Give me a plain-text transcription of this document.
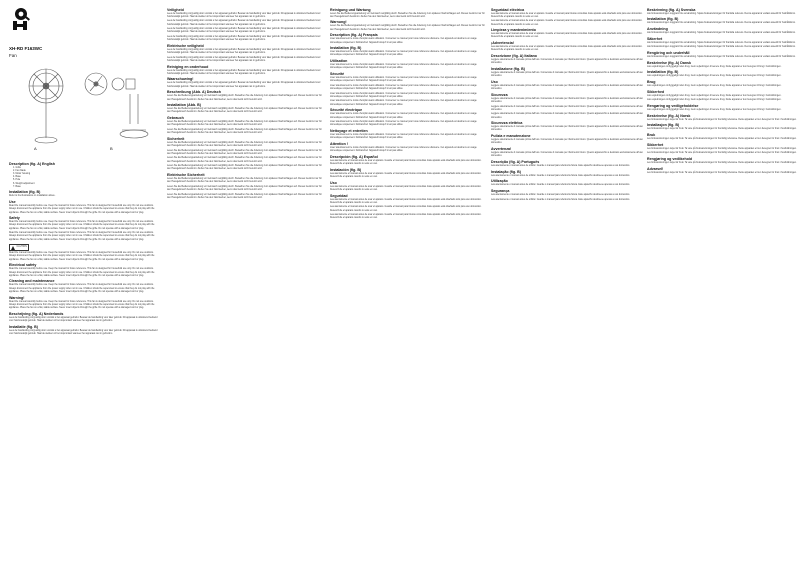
XH-RD F163WC
Fan
A	B
Description (fig. A) English
• 1. Grille
• 2. Fan blade
• 3. Motor housing
• 4. Base
• 5. Pole
• 6. Weight adjustment
• 7. Base
Installation (fig. B)

Refer to the illustrations on installation above.

Use

Read the manual carefully before use. Keep the manual for future reference. This fan is designed for household use only. Do not use outdoors. Always disconnect the appliance from the power supply when not in use. Children should be supervised to ensure that they do not play with the appliance. Place the fan on a flat, stable surface. Never insert objects through the grille. Do not operate with a damaged cord or plug.

Safety

Read the manual carefully before use. Keep the manual for future reference. This fan is designed for household use only. Do not use outdoors. Always disconnect the appliance from the power supply when not in use. Children should be supervised to ensure that they do not play with the appliance. Place the fan on a flat, stable surface. Never insert objects through the grille. Do not operate with a damaged cord or plug.

Read the manual carefully before use. Keep the manual for future reference. This fan is designed for household use only. Do not use outdoors. Always disconnect the appliance from the power supply when not in use. Children should be supervised to ensure that they do not play with the appliance. Place the fan on a flat, stable surface. Never insert objects through the grille. Do not operate with a damaged cord or plug.

CAUTION

Read the manual carefully before use. Keep the manual for future reference. This fan is designed for household use only. Do not use outdoors. Always disconnect the appliance from the power supply when not in use. Children should be supervised to ensure that they do not play with the appliance. Place the fan on a flat, stable surface. Never insert objects through the grille. Do not operate with a damaged cord or plug.

Electrical safety

Read the manual carefully before use. Keep the manual for future reference. This fan is designed for household use only. Do not use outdoors. Always disconnect the appliance from the power supply when not in use. Children should be supervised to ensure that they do not play with the appliance. Place the fan on a flat, stable surface. Never insert objects through the grille. Do not operate with a damaged cord or plug.

Cleaning and maintenance

Read the manual carefully before use. Keep the manual for future reference. This fan is designed for household use only. Do not use outdoors. Always disconnect the appliance from the power supply when not in use. Children should be supervised to ensure that they do not play with the appliance. Place the fan on a flat, stable surface. Never insert objects through the grille. Do not operate with a damaged cord or plug.

Warning!

Read the manual carefully before use. Keep the manual for future reference. This fan is designed for household use only. Do not use outdoors. Always disconnect the appliance from the power supply when not in use. Children should be supervised to ensure that they do not play with the appliance. Place the fan on a flat, stable surface. Never insert objects through the grille. Do not operate with a damaged cord or plug.

Beschrijving (fig. A) Nederlands

Lees de handleiding zorgvuldig door voordat u het apparaat gebruikt. Bewaar de handleiding voor later gebruik. Dit apparaat is uitsluitend bedoeld voor huishoudelijk gebruik. Haal de stekker uit het stopcontact wanneer het apparaat niet in gebruik is.

Installatie (fig. B)

Lees de handleiding zorgvuldig door voordat u het apparaat gebruikt. Bewaar de handleiding voor later gebruik. Dit apparaat is uitsluitend bedoeld voor huishoudelijk gebruik. Haal de stekker uit het stopcontact wanneer het apparaat niet in gebruik is.

Veiligheid

Lees de handleiding zorgvuldig door voordat u het apparaat gebruikt. Bewaar de handleiding voor later gebruik. Dit apparaat is uitsluitend bedoeld voor huishoudelijk gebruik. Haal de stekker uit het stopcontact wanneer het apparaat niet in gebruik is.

Lees de handleiding zorgvuldig door voordat u het apparaat gebruikt. Bewaar de handleiding voor later gebruik. Dit apparaat is uitsluitend bedoeld voor huishoudelijk gebruik. Haal de stekker uit het stopcontact wanneer het apparaat niet in gebruik is.

Lees de handleiding zorgvuldig door voordat u het apparaat gebruikt. Bewaar de handleiding voor later gebruik. Dit apparaat is uitsluitend bedoeld voor huishoudelijk gebruik. Haal de stekker uit het stopcontact wanneer het apparaat niet in gebruik is.

Lees de handleiding zorgvuldig door voordat u het apparaat gebruikt. Bewaar de handleiding voor later gebruik. Dit apparaat is uitsluitend bedoeld voor huishoudelijk gebruik. Haal de stekker uit het stopcontact wanneer het apparaat niet in gebruik is.

Elektrische veiligheid

Lees de handleiding zorgvuldig door voordat u het apparaat gebruikt. Bewaar de handleiding voor later gebruik. Dit apparaat is uitsluitend bedoeld voor huishoudelijk gebruik. Haal de stekker uit het stopcontact wanneer het apparaat niet in gebruik is.

Lees de handleiding zorgvuldig door voordat u het apparaat gebruikt. Bewaar de handleiding voor later gebruik. Dit apparaat is uitsluitend bedoeld voor huishoudelijk gebruik. Haal de stekker uit het stopcontact wanneer het apparaat niet in gebruik is.

Reiniging en onderhoud

Lees de handleiding zorgvuldig door voordat u het apparaat gebruikt. Bewaar de handleiding voor later gebruik. Dit apparaat is uitsluitend bedoeld voor huishoudelijk gebruik. Haal de stekker uit het stopcontact wanneer het apparaat niet in gebruik is.

Waarschuwing!

Lees de handleiding zorgvuldig door voordat u het apparaat gebruikt. Bewaar de handleiding voor later gebruik. Dit apparaat is uitsluitend bedoeld voor huishoudelijk gebruik. Haal de stekker uit het stopcontact wanneer het apparaat niet in gebruik is.

Beschreibung (Abb. A) Deutsch

Lesen Sie die Bedienungsanleitung vor Gebrauch sorgfältig durch. Bewahren Sie die Anleitung zum späteren Nachschlagen auf. Dieses Gerät ist nur für den Hausgebrauch bestimmt. Ziehen Sie den Netzstecker, wenn das Gerät nicht benutzt wird.

Installation (Abb. B)

Lesen Sie die Bedienungsanleitung vor Gebrauch sorgfältig durch. Bewahren Sie die Anleitung zum späteren Nachschlagen auf. Dieses Gerät ist nur für den Hausgebrauch bestimmt. Ziehen Sie den Netzstecker, wenn das Gerät nicht benutzt wird.

Gebrauch

Lesen Sie die Bedienungsanleitung vor Gebrauch sorgfältig durch. Bewahren Sie die Anleitung zum späteren Nachschlagen auf. Dieses Gerät ist nur für den Hausgebrauch bestimmt. Ziehen Sie den Netzstecker, wenn das Gerät nicht benutzt wird.

Lesen Sie die Bedienungsanleitung vor Gebrauch sorgfältig durch. Bewahren Sie die Anleitung zum späteren Nachschlagen auf. Dieses Gerät ist nur für den Hausgebrauch bestimmt. Ziehen Sie den Netzstecker, wenn das Gerät nicht benutzt wird.

Sicherheit

Lesen Sie die Bedienungsanleitung vor Gebrauch sorgfältig durch. Bewahren Sie die Anleitung zum späteren Nachschlagen auf. Dieses Gerät ist nur für den Hausgebrauch bestimmt. Ziehen Sie den Netzstecker, wenn das Gerät nicht benutzt wird.

Lesen Sie die Bedienungsanleitung vor Gebrauch sorgfältig durch. Bewahren Sie die Anleitung zum späteren Nachschlagen auf. Dieses Gerät ist nur für den Hausgebrauch bestimmt. Ziehen Sie den Netzstecker, wenn das Gerät nicht benutzt wird.

Lesen Sie die Bedienungsanleitung vor Gebrauch sorgfältig durch. Bewahren Sie die Anleitung zum späteren Nachschlagen auf. Dieses Gerät ist nur für den Hausgebrauch bestimmt. Ziehen Sie den Netzstecker, wenn das Gerät nicht benutzt wird.

Lesen Sie die Bedienungsanleitung vor Gebrauch sorgfältig durch. Bewahren Sie die Anleitung zum späteren Nachschlagen auf. Dieses Gerät ist nur für den Hausgebrauch bestimmt. Ziehen Sie den Netzstecker, wenn das Gerät nicht benutzt wird.

Elektrische Sicherheit

Lesen Sie die Bedienungsanleitung vor Gebrauch sorgfältig durch. Bewahren Sie die Anleitung zum späteren Nachschlagen auf. Dieses Gerät ist nur für den Hausgebrauch bestimmt. Ziehen Sie den Netzstecker, wenn das Gerät nicht benutzt wird.

Lesen Sie die Bedienungsanleitung vor Gebrauch sorgfältig durch. Bewahren Sie die Anleitung zum späteren Nachschlagen auf. Dieses Gerät ist nur für den Hausgebrauch bestimmt. Ziehen Sie den Netzstecker, wenn das Gerät nicht benutzt wird.

Lesen Sie die Bedienungsanleitung vor Gebrauch sorgfältig durch. Bewahren Sie die Anleitung zum späteren Nachschlagen auf. Dieses Gerät ist nur für den Hausgebrauch bestimmt. Ziehen Sie den Netzstecker, wenn das Gerät nicht benutzt wird.

Reinigung und Wartung

Lesen Sie die Bedienungsanleitung vor Gebrauch sorgfältig durch. Bewahren Sie die Anleitung zum späteren Nachschlagen auf. Dieses Gerät ist nur für den Hausgebrauch bestimmt. Ziehen Sie den Netzstecker, wenn das Gerät nicht benutzt wird.

Warnung!

Lesen Sie die Bedienungsanleitung vor Gebrauch sorgfältig durch. Bewahren Sie die Anleitung zum späteren Nachschlagen auf. Dieses Gerät ist nur für den Hausgebrauch bestimmt. Ziehen Sie den Netzstecker, wenn das Gerät nicht benutzt wird.

Description (fig. A) Français

Lisez attentivement le mode d'emploi avant utilisation. Conservez ce manuel pour toute référence ultérieure. Cet appareil est destiné à un usage domestique uniquement. Débranchez l'appareil lorsqu'il n'est pas utilisé.

Installation (fig. B)

Lisez attentivement le mode d'emploi avant utilisation. Conservez ce manuel pour toute référence ultérieure. Cet appareil est destiné à un usage domestique uniquement. Débranchez l'appareil lorsqu'il n'est pas utilisé.

Utilisation

Lisez attentivement le mode d'emploi avant utilisation. Conservez ce manuel pour toute référence ultérieure. Cet appareil est destiné à un usage domestique uniquement. Débranchez l'appareil lorsqu'il n'est pas utilisé.

Sécurité

Lisez attentivement le mode d'emploi avant utilisation. Conservez ce manuel pour toute référence ultérieure. Cet appareil est destiné à un usage domestique uniquement. Débranchez l'appareil lorsqu'il n'est pas utilisé.

Lisez attentivement le mode d'emploi avant utilisation. Conservez ce manuel pour toute référence ultérieure. Cet appareil est destiné à un usage domestique uniquement. Débranchez l'appareil lorsqu'il n'est pas utilisé.

Lisez attentivement le mode d'emploi avant utilisation. Conservez ce manuel pour toute référence ultérieure. Cet appareil est destiné à un usage domestique uniquement. Débranchez l'appareil lorsqu'il n'est pas utilisé.

Lisez attentivement le mode d'emploi avant utilisation. Conservez ce manuel pour toute référence ultérieure. Cet appareil est destiné à un usage domestique uniquement. Débranchez l'appareil lorsqu'il n'est pas utilisé.

Sécurité électrique

Lisez attentivement le mode d'emploi avant utilisation. Conservez ce manuel pour toute référence ultérieure. Cet appareil est destiné à un usage domestique uniquement. Débranchez l'appareil lorsqu'il n'est pas utilisé.

Lisez attentivement le mode d'emploi avant utilisation. Conservez ce manuel pour toute référence ultérieure. Cet appareil est destiné à un usage domestique uniquement. Débranchez l'appareil lorsqu'il n'est pas utilisé.

Nettoyage et entretien

Lisez attentivement le mode d'emploi avant utilisation. Conservez ce manuel pour toute référence ultérieure. Cet appareil est destiné à un usage domestique uniquement. Débranchez l'appareil lorsqu'il n'est pas utilisé.

Attention !

Lisez attentivement le mode d'emploi avant utilisation. Conservez ce manuel pour toute référence ultérieure. Cet appareil est destiné à un usage domestique uniquement. Débranchez l'appareil lorsqu'il n'est pas utilisé.

Descripción (fig. A) Español

Lea atentamente el manual antes de usar el aparato. Guarde el manual para futuras consultas. Este aparato está diseñado solo para uso doméstico. Desenchufe el aparato cuando no esté en uso.

Instalación (fig. B)

Lea atentamente el manual antes de usar el aparato. Guarde el manual para futuras consultas. Este aparato está diseñado solo para uso doméstico. Desenchufe el aparato cuando no esté en uso.

Uso

Lea atentamente el manual antes de usar el aparato. Guarde el manual para futuras consultas. Este aparato está diseñado solo para uso doméstico. Desenchufe el aparato cuando no esté en uso.

Seguridad

Lea atentamente el manual antes de usar el aparato. Guarde el manual para futuras consultas. Este aparato está diseñado solo para uso doméstico. Desenchufe el aparato cuando no esté en uso.

Lea atentamente el manual antes de usar el aparato. Guarde el manual para futuras consultas. Este aparato está diseñado solo para uso doméstico. Desenchufe el aparato cuando no esté en uso.

Lea atentamente el manual antes de usar el aparato. Guarde el manual para futuras consultas. Este aparato está diseñado solo para uso doméstico. Desenchufe el aparato cuando no esté en uso.

Seguridad eléctrica

Lea atentamente el manual antes de usar el aparato. Guarde el manual para futuras consultas. Este aparato está diseñado solo para uso doméstico. Desenchufe el aparato cuando no esté en uso.

Lea atentamente el manual antes de usar el aparato. Guarde el manual para futuras consultas. Este aparato está diseñado solo para uso doméstico. Desenchufe el aparato cuando no esté en uso.

Limpieza y mantenimiento

Lea atentamente el manual antes de usar el aparato. Guarde el manual para futuras consultas. Este aparato está diseñado solo para uso doméstico. Desenchufe el aparato cuando no esté en uso.

¡Advertencia!

Lea atentamente el manual antes de usar el aparato. Guarde el manual para futuras consultas. Este aparato está diseñado solo para uso doméstico. Desenchufe el aparato cuando no esté en uso.

Descrizione (fig. A) Italiano

Leggere attentamente il manuale prima dell'uso. Conservare il manuale per riferimento futuro. Questo apparecchio è destinato esclusivamente all'uso domestico.

Installazione (fig. B)

Leggere attentamente il manuale prima dell'uso. Conservare il manuale per riferimento futuro. Questo apparecchio è destinato esclusivamente all'uso domestico.

Uso

Leggere attentamente il manuale prima dell'uso. Conservare il manuale per riferimento futuro. Questo apparecchio è destinato esclusivamente all'uso domestico.

Sicurezza

Leggere attentamente il manuale prima dell'uso. Conservare il manuale per riferimento futuro. Questo apparecchio è destinato esclusivamente all'uso domestico.

Leggere attentamente il manuale prima dell'uso. Conservare il manuale per riferimento futuro. Questo apparecchio è destinato esclusivamente all'uso domestico.

Leggere attentamente il manuale prima dell'uso. Conservare il manuale per riferimento futuro. Questo apparecchio è destinato esclusivamente all'uso domestico.

Sicurezza elettrica

Leggere attentamente il manuale prima dell'uso. Conservare il manuale per riferimento futuro. Questo apparecchio è destinato esclusivamente all'uso domestico.

Pulizia e manutenzione

Leggere attentamente il manuale prima dell'uso. Conservare il manuale per riferimento futuro. Questo apparecchio è destinato esclusivamente all'uso domestico.

Avvertenza!

Leggere attentamente il manuale prima dell'uso. Conservare il manuale per riferimento futuro. Questo apparecchio è destinato esclusivamente all'uso domestico.

Descrição (fig. A) Português

Leia atentamente o manual antes de utilizar. Guarde o manual para referência futura. Este aparelho destina-se apenas a uso doméstico.

Instalação (fig. B)

Leia atentamente o manual antes de utilizar. Guarde o manual para referência futura. Este aparelho destina-se apenas a uso doméstico.

Utilização

Leia atentamente o manual antes de utilizar. Guarde o manual para referência futura. Este aparelho destina-se apenas a uso doméstico.

Segurança

Leia atentamente o manual antes de utilizar. Guarde o manual para referência futura. Este aparelho destina-se apenas a uso doméstico.

Leia atentamente o manual antes de utilizar. Guarde o manual para referência futura. Este aparelho destina-se apenas a uso doméstico.

Beskrivning (fig. A) Svenska

Läs bruksanvisningen noggrant före användning. Spara bruksanvisningen för framtida referens. Denna apparat är endast avsedd för hushållsbruk.

Installation (fig. B)

Läs bruksanvisningen noggrant före användning. Spara bruksanvisningen för framtida referens. Denna apparat är endast avsedd för hushållsbruk.

Användning

Läs bruksanvisningen noggrant före användning. Spara bruksanvisningen för framtida referens. Denna apparat är endast avsedd för hushållsbruk.

Säkerhet

Läs bruksanvisningen noggrant före användning. Spara bruksanvisningen för framtida referens. Denna apparat är endast avsedd för hushållsbruk.

Läs bruksanvisningen noggrant före användning. Spara bruksanvisningen för framtida referens. Denna apparat är endast avsedd för hushållsbruk.

Rengöring och underhåll

Läs bruksanvisningen noggrant före användning. Spara bruksanvisningen för framtida referens. Denna apparat är endast avsedd för hushållsbruk.

Beskrivelse (fig. A) Dansk

Læs vejledningen omhyggeligt inden brug. Gem vejledningen til senere brug. Dette apparat er kun beregnet til brug i husholdningen.

Installation (fig. B)

Læs vejledningen omhyggeligt inden brug. Gem vejledningen til senere brug. Dette apparat er kun beregnet til brug i husholdningen.

Brug

Læs vejledningen omhyggeligt inden brug. Gem vejledningen til senere brug. Dette apparat er kun beregnet til brug i husholdningen.

Sikkerhed

Læs vejledningen omhyggeligt inden brug. Gem vejledningen til senere brug. Dette apparat er kun beregnet til brug i husholdningen.

Læs vejledningen omhyggeligt inden brug. Gem vejledningen til senere brug. Dette apparat er kun beregnet til brug i husholdningen.

Rengøring og vedligeholdelse

Læs vejledningen omhyggeligt inden brug. Gem vejledningen til senere brug. Dette apparat er kun beregnet til brug i husholdningen.

Beskrivelse (fig. A) Norsk

Les bruksanvisningen nøye før bruk. Ta vare på bruksanvisningen for fremtidig referanse. Dette apparatet er kun beregnet for bruk i husholdningen.

Installasjon (fig. B)

Les bruksanvisningen nøye før bruk. Ta vare på bruksanvisningen for fremtidig referanse. Dette apparatet er kun beregnet for bruk i husholdningen.

Bruk

Les bruksanvisningen nøye før bruk. Ta vare på bruksanvisningen for fremtidig referanse. Dette apparatet er kun beregnet for bruk i husholdningen.

Sikkerhet

Les bruksanvisningen nøye før bruk. Ta vare på bruksanvisningen for fremtidig referanse. Dette apparatet er kun beregnet for bruk i husholdningen.

Les bruksanvisningen nøye før bruk. Ta vare på bruksanvisningen for fremtidig referanse. Dette apparatet er kun beregnet for bruk i husholdningen.

Rengjøring og vedlikehold

Les bruksanvisningen nøye før bruk. Ta vare på bruksanvisningen for fremtidig referanse. Dette apparatet er kun beregnet for bruk i husholdningen.

Advarsel!

Les bruksanvisningen nøye før bruk. Ta vare på bruksanvisningen for fremtidig referanse. Dette apparatet er kun beregnet for bruk i husholdningen.
